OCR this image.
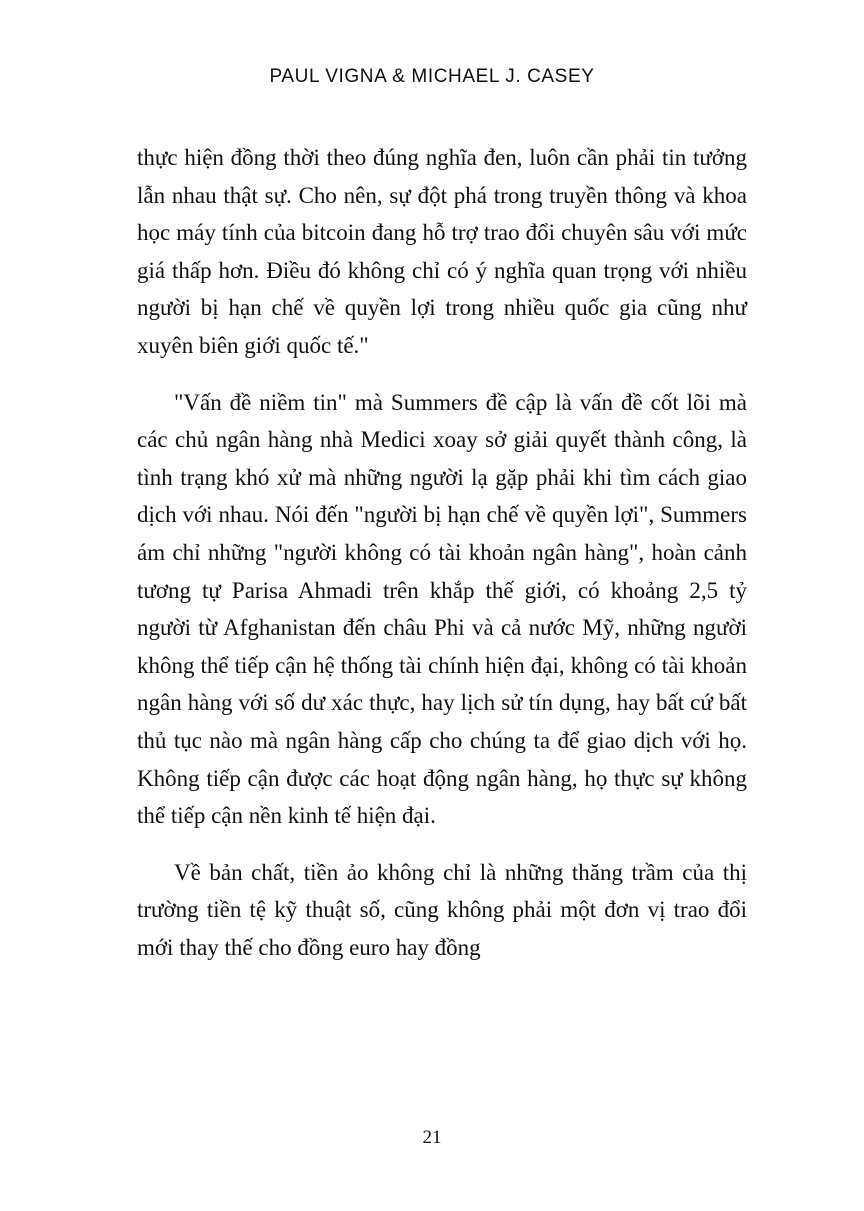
PAUL VIGNA & MICHAEL J. CASEY

thực hiện đồng thời theo đúng nghĩa đen, luôn cần phải tin tưởng lẫn nhau thật sự. Cho nên, sự đột phá trong truyền thông và khoa học máy tính của bitcoin đang hỗ trợ trao đổi chuyên sâu với mức giá thấp hơn. Điều đó không chỉ có ý nghĩa quan trọng với nhiều người bị hạn chế về quyền lợi trong nhiều quốc gia cũng như xuyên biên giới quốc tế."

"Vấn đề niềm tin" mà Summers đề cập là vấn đề cốt lõi mà các chủ ngân hàng nhà Medici xoay sở giải quyết thành công, là tình trạng khó xử mà những người lạ gặp phải khi tìm cách giao dịch với nhau. Nói đến "người bị hạn chế về quyền lợi", Summers ám chỉ những "người không có tài khoản ngân hàng", hoàn cảnh tương tự Parisa Ahmadi trên khắp thế giới, có khoảng 2,5 tỷ người từ Afghanistan đến châu Phi và cả nước Mỹ, những người không thể tiếp cận hệ thống tài chính hiện đại, không có tài khoản ngân hàng với số dư xác thực, hay lịch sử tín dụng, hay bất cứ bất thủ tục nào mà ngân hàng cấp cho chúng ta để giao dịch với họ. Không tiếp cận được các hoạt động ngân hàng, họ thực sự không thể tiếp cận nền kinh tế hiện đại.

Về bản chất, tiền ảo không chỉ là những thăng trầm của thị trường tiền tệ kỹ thuật số, cũng không phải một đơn vị trao đổi mới thay thế cho đồng euro hay đồng

21
